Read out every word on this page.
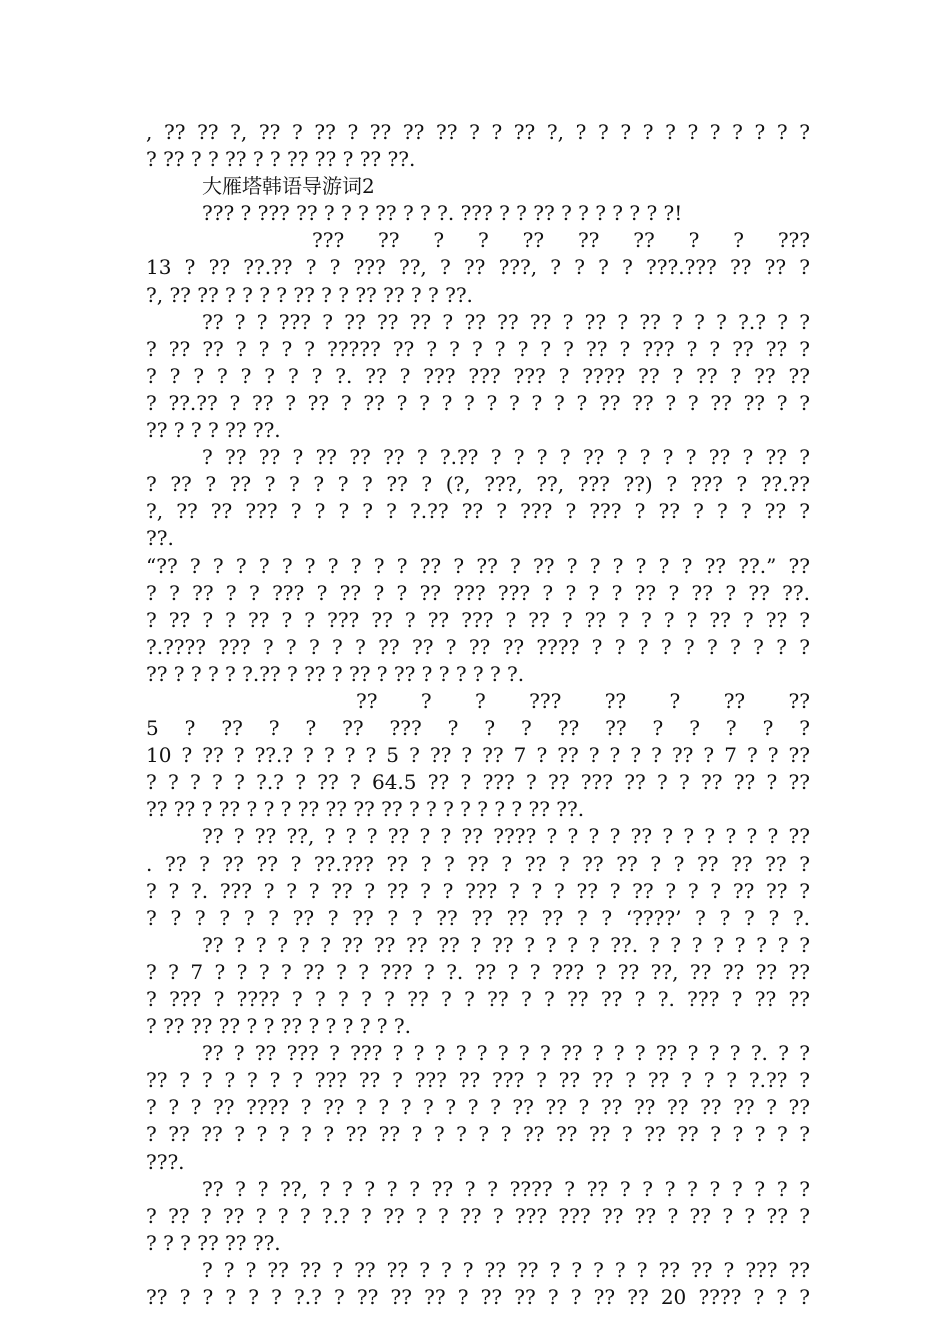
, ?? ?? ?, ?? ? ?? ? ?? ?? ?? ? ? ?? ?, ? ? ? ? ? ? ? ? ? ? ?
? ?? ? ? ?? ? ? ?? ?? ? ?? ??.
大雁塔韩语导游词2
??? ? ??? ?? ? ? ? ?? ? ? ?. ??? ? ? ?? ? ? ? ? ? ? ?!
??? ?? ? ? ?? ?? ?? ? ? ???
13 ? ?? ??.?? ? ? ??? ??, ? ?? ???, ? ? ? ? ???.??? ?? ?? ?
?, ?? ?? ? ? ? ? ?? ? ? ?? ?? ? ? ??.
?? ? ? ??? ? ?? ?? ?? ? ?? ?? ?? ? ?? ? ?? ? ? ? ?.? ? ?
? ?? ?? ? ? ? ? ????? ?? ? ? ? ? ? ? ? ?? ? ??? ? ? ?? ?? ?
? ? ? ? ? ? ? ? ?. ?? ? ??? ??? ??? ? ???? ?? ? ?? ? ?? ??
? ??.?? ? ?? ? ?? ? ?? ? ? ? ? ? ? ? ? ? ?? ?? ? ? ?? ?? ? ?
?? ? ? ? ?? ??.
? ?? ?? ? ?? ?? ?? ? ?.?? ? ? ? ? ?? ? ? ? ? ?? ? ?? ?
? ?? ? ?? ? ? ? ? ? ?? ? (?, ???, ??, ??? ??) ? ??? ? ??.??
?, ?? ?? ??? ? ? ? ? ? ?.?? ?? ? ??? ? ??? ? ?? ? ? ? ?? ?
??.
“?? ? ? ? ? ? ? ? ? ? ? ?? ? ?? ? ?? ? ? ? ? ? ? ?? ??.” ??
? ? ?? ? ? ??? ? ?? ? ? ?? ??? ??? ? ? ? ? ?? ? ?? ? ?? ??.
? ?? ? ? ?? ? ? ??? ?? ? ?? ??? ? ?? ? ?? ? ? ? ? ?? ? ?? ?
?.???? ??? ? ? ? ? ? ?? ?? ? ?? ?? ???? ? ? ? ? ? ? ? ? ? ?
?? ? ? ? ? ?.?? ? ?? ? ?? ? ?? ? ? ? ? ? ?.
?? ? ? ??? ?? ? ?? ??
5 ? ?? ? ? ?? ??? ? ? ? ?? ?? ? ? ? ? ?
10 ? ?? ? ??.? ? ? ? ? 5 ? ?? ? ?? 7 ? ?? ? ? ? ? ?? ? 7 ? ? ??
? ? ? ? ? ?.? ? ?? ? 64.5 ?? ? ??? ? ?? ??? ?? ? ? ?? ?? ? ??
?? ?? ? ?? ? ? ? ?? ?? ?? ?? ? ? ? ? ? ? ? ?? ??.
?? ? ?? ??, ? ? ? ?? ? ? ?? ???? ? ? ? ? ?? ? ? ? ? ? ? ??
. ?? ? ?? ?? ? ??.??? ?? ? ? ?? ? ?? ? ?? ?? ? ? ?? ?? ?? ?
? ? ?. ??? ? ? ? ?? ? ?? ? ? ??? ? ? ? ?? ? ?? ? ? ? ?? ?? ?
? ? ? ? ? ? ?? ? ?? ? ? ?? ?? ?? ?? ? ? ‘????’ ? ? ? ? ?.
?? ? ? ? ? ? ?? ?? ?? ?? ? ?? ? ? ? ? ??. ? ? ? ? ? ? ? ?
? ? 7 ? ? ? ? ?? ? ? ??? ? ?. ?? ? ? ??? ? ?? ??, ?? ?? ?? ??
? ??? ? ???? ? ? ? ? ? ?? ? ? ?? ? ? ?? ?? ? ?. ??? ? ?? ??
? ?? ?? ?? ? ? ?? ? ? ? ? ? ?.
?? ? ?? ??? ? ??? ? ? ? ? ? ? ? ? ?? ? ? ? ?? ? ? ? ?. ? ?
?? ? ? ? ? ? ? ??? ?? ? ??? ?? ??? ? ?? ?? ? ?? ? ? ? ?.?? ?
? ? ? ?? ???? ? ?? ? ? ? ? ? ? ? ?? ?? ? ?? ?? ?? ?? ?? ? ??
? ?? ?? ? ? ? ? ? ?? ?? ? ? ? ? ? ?? ?? ?? ? ?? ?? ? ? ? ? ?
???.
?? ? ? ??, ? ? ? ? ? ?? ? ? ???? ? ?? ? ? ? ? ? ? ? ? ?
? ?? ? ?? ? ? ? ?.? ? ?? ? ? ?? ? ??? ??? ?? ?? ? ?? ? ? ?? ?
? ? ? ?? ?? ??.
? ? ? ?? ?? ? ?? ?? ? ? ? ?? ?? ? ? ? ? ? ?? ?? ? ??? ??
?? ? ? ? ? ? ?.? ? ?? ?? ?? ? ?? ?? ? ? ?? ?? 20 ???? ? ? ?
